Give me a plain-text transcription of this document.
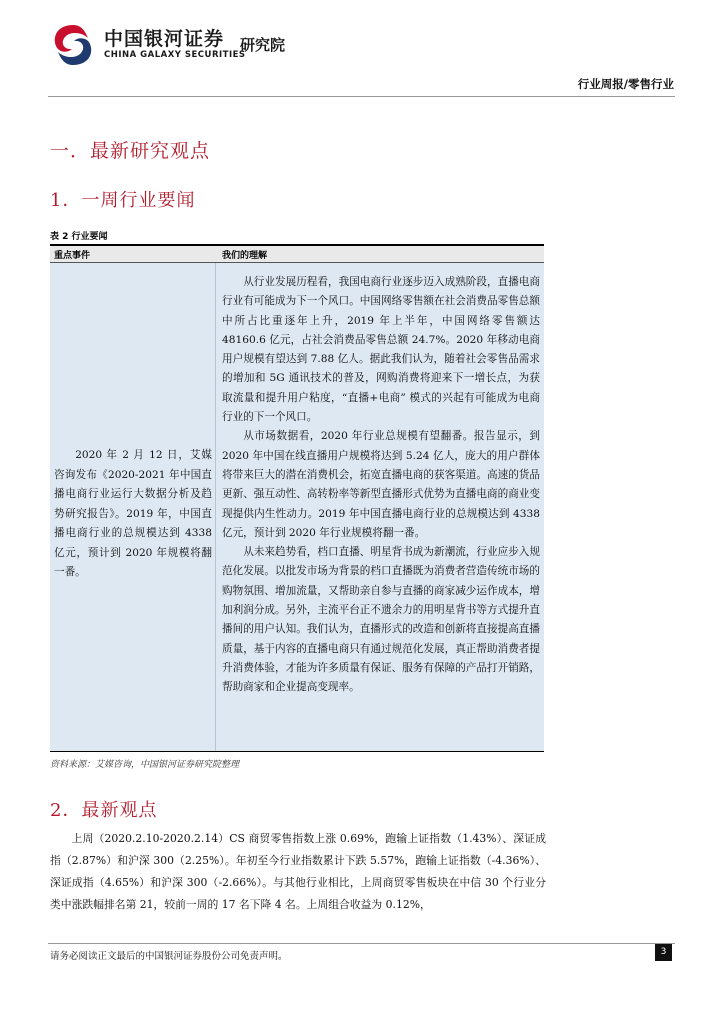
中国银河证券
CHINA GALAXY SECURITIES
研究院
行业周报/零售行业
一．最新研究观点
1．一周行业要闻
表 2 行业要闻
重点事件	我们的理解

2020 年 2 月 12 日，艾媒咨询发布《2020-2021 年中国直播电商行业运行大数据分析及趋势研究报告》。2019 年，中国直播电商行业的总规模达到 4338 亿元，预计到 2020 年规模将翻一番。

从行业发展历程看，我国电商行业逐步迈入成熟阶段，直播电商行业有可能成为下一个风口。中国网络零售额在社会消费品零售总额中所占比重逐年上升，2019 年上半年，中国网络零售额达 48160.6 亿元，占社会消费品零售总额 24.7%。2020 年移动电商用户规模有望达到 7.88 亿人。据此我们认为，随着社会零售品需求的增加和 5G 通讯技术的普及，网购消费将迎来下一增长点，为获取流量和提升用户粘度，“直播+电商” 模式的兴起有可能成为电商行业的下一个风口。

从市场数据看，2020 年行业总规模有望翻番。报告显示，到 2020 年中国在线直播用户规模将达到 5.24 亿人，庞大的用户群体将带来巨大的潜在消费机会，拓宽直播电商的获客渠道。高速的货品更新、强互动性、高转粉率等新型直播形式优势为直播电商的商业变现提供内生性动力。2019 年中国直播电商行业的总规模达到 4338 亿元，预计到 2020 年行业规模将翻一番。

从未来趋势看，档口直播、明星背书成为新潮流，行业应步入规范化发展。以批发市场为背景的档口直播既为消费者营造传统市场的购物氛围、增加流量，又帮助亲自参与直播的商家减少运作成本，增加利润分成。另外，主流平台正不遗余力的用明星背书等方式提升直播间的用户认知。我们认为，直播形式的改造和创新将直接提高直播质量，基于内容的直播电商只有通过规范化发展，真正帮助消费者提升消费体验，才能为许多质量有保证、服务有保障的产品打开销路，帮助商家和企业提高变现率。

资料来源：艾媒咨询，中国银河证券研究院整理
2．最新观点

上周（2020.2.10-2020.2.14）CS 商贸零售指数上涨 0.69%，跑输上证指数（1.43%）、深证成指（2.87%）和沪深 300（2.25%）。年初至今行业指数累计下跌 5.57%，跑输上证指数（-4.36%）、深证成指（4.65%）和沪深 300（-2.66%）。与其他行业相比，上周商贸零售板块在中信 30 个行业分类中涨跌幅排名第 21，较前一周的 17 名下降 4 名。上周组合收益为 0.12%，

请务必阅读正文最后的中国银河证券股份公司免责声明。	3
